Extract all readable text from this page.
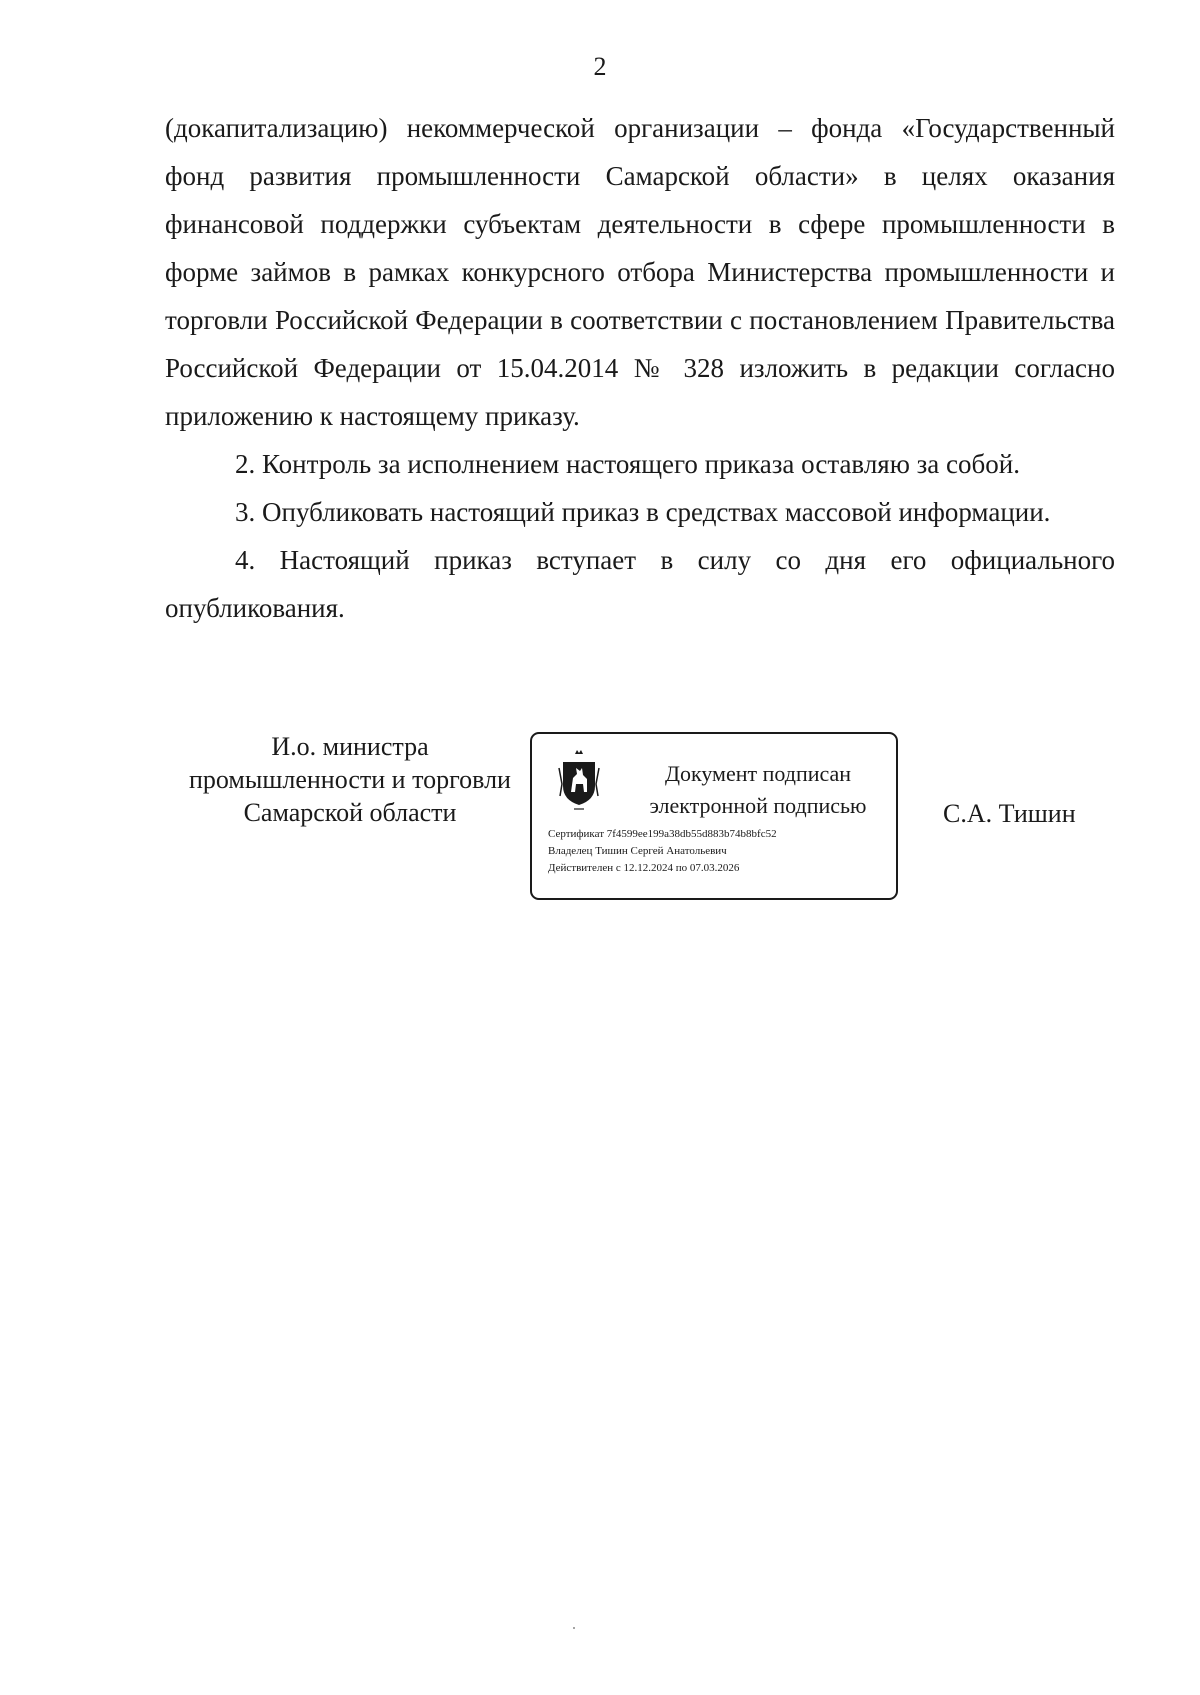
2

(докапитализацию) некоммерческой организации – фонда «Государственный фонд развития промышленности Самарской области» в целях оказания финансовой поддержки субъектам деятельности в сфере промышленности в форме займов в рамках конкурсного отбора Министерства промышленности и торговли Российской Федерации в соответствии с постановлением Правительства Российской Федерации от 15.04.2014 № 328 изложить в редакции согласно приложению к настоящему приказу.

2. Контроль за исполнением настоящего приказа оставляю за собой.

3. Опубликовать настоящий приказ в средствах массовой информации.

4. Настоящий приказ вступает в силу со дня его официального опубликования.

И.о. министра
промышленности и торговли
Самарской области
Документ подписан
электронной подписью
Сертификат 7f4599ee199a38db55d883b74b8bfc52
Владелец Тишин Сергей Анатольевич
Действителен с 12.12.2024 по 07.03.2026
С.А. Тишин
